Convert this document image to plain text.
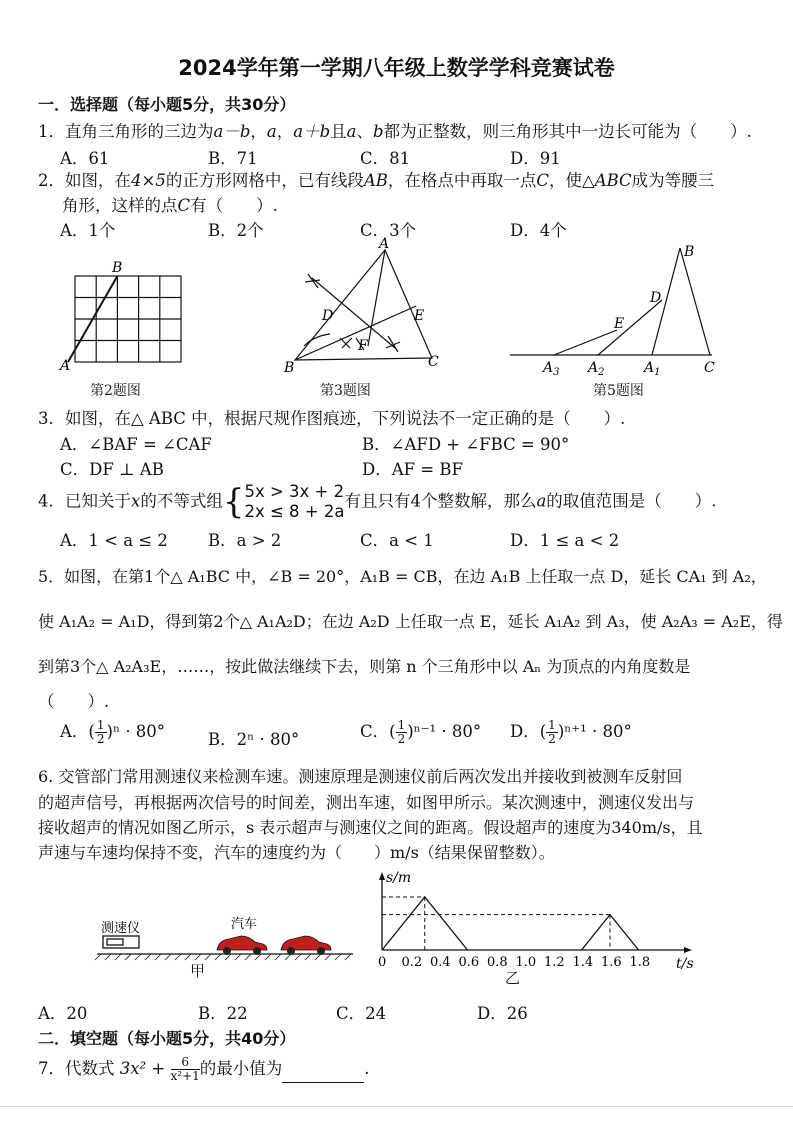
2024学年第一学期八年级上数学学科竞赛试卷
一．选择题（每小题5分，共30分）
1．直角三角形的三边为a－b，a，a＋b且a、b都为正整数，则三角形其中一边长可能为（　　）.
A．61	B．71	C．81	D．91
2．如图，在4×5的正方形网格中，已有线段AB，在格点中再取一点C，使△ABC成为等腰三
角形，这样的点C有（　　）.
A．1个	B．2个	C．3个	D．4个
A
B
第2题图
A
B	C
D	E
F
第3题图
B
D
E
$A_3$ $A_2$	$A_1$	C
第5题图
3．如图，在△ ABC 中，根据尺规作图痕迹，下列说法不一定正确的是（　　）.
A．∠BAF = ∠CAF	B．∠AFD + ∠FBC = 90°
C．DF ⊥ AB	D．AF = BF
4．已知关于x的不等式组{ 5x > 3x + 2
2x ≤ 8 + 2a
有且只有4个整数解，那么a的取值范围是（　　）.
A．1 < a ≤ 2 B．a > 2	C．a < 1	D．1 ≤ a < 2
5．如图，在第1个△ A₁BC 中，∠B = 20°，A₁B = CB，在边 A₁B 上任取一点 D，延长 CA₁ 到 A₂，
使 A₁A₂ = A₁D，得到第2个△ A₁A₂D；在边 A₂D 上任取一点 E，延长 A₁A₂ 到 A₃，使 A₂A₃ = A₂E，得
到第3个△ A₂A₃E，……，按此做法继续下去，则第 n 个三角形中以 Aₙ 为顶点的内角度数是
（　　）.
A．( $\frac{1}{2} )^n \cdot 80^\circ$	B．2ⁿ · 80°	C．( $\frac{1}{2} )^{n-1} \cdot 80^\circ$ D．( $\frac{1}{2} )^{n+1} \cdot 80^\circ$
6. 交管部门常用测速仪来检测车速。测速原理是测速仪前后两次发出并接收到被测车反射回
的超声信号，再根据两次信号的时间差，测出车速，如图甲所示。某次测速中，测速仪发出与
接收超声的情况如图乙所示，s 表示超声与测速仪之间的距离。假设超声的速度为340m/s，且
声速与车速均保持不变，汽车的速度约为（　　）m/s（结果保留整数）。
测速仪	汽车
甲	0 0.2 0.4 0.6 0.8 1.0 1.2 1.4 1.6 1.8
s/m
t/s
乙
A．20	B．22	C．24	D．26
二．填空题（每小题5分，共40分）
7．代数式 $3x^2 + \frac{6}{\text{x²+1}}$ 的最小值为	.
